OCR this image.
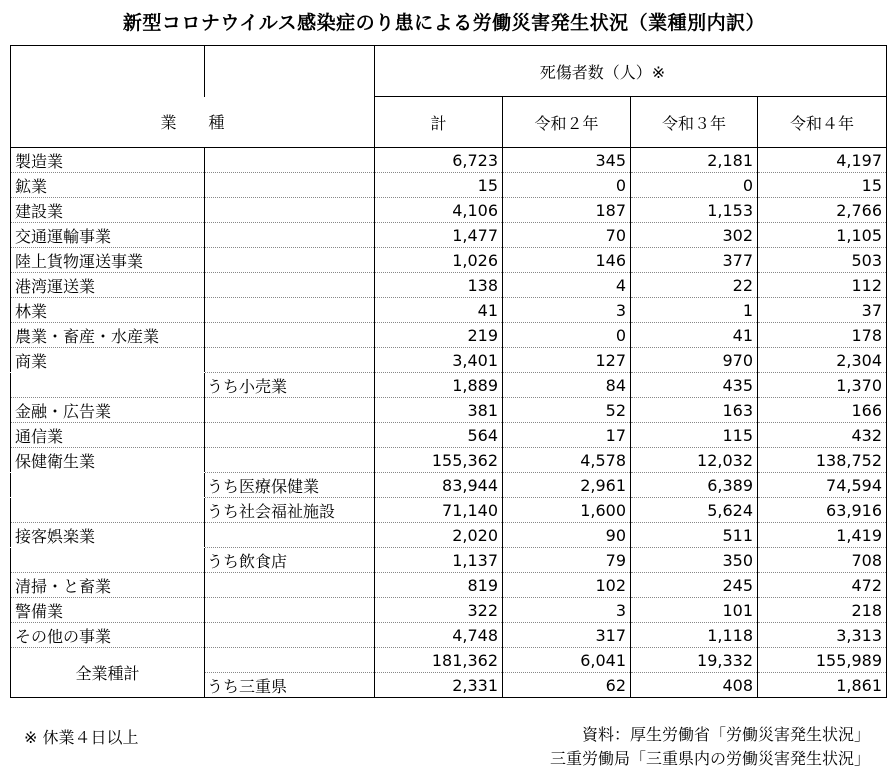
新型コロナウイルス感染症のり患による労働災害発生状況（業種別内訳）
		死傷者数（人）※			
業　　種		計	令和２年	令和３年	令和４年
製造業		6,723	345	2,181	4,197
鉱業		15	0	0	15
建設業		4,106	187	1,153	2,766
交通運輸事業		1,477	70	302	1,105
陸上貨物運送事業		1,026	146	377	503
港湾運送業		138	4	22	112
林業		41	3	1	37
農業・畜産・水産業		219	0	41	178
商業		3,401	127	970	2,304
	うち小売業	1,889	84	435	1,370
金融・広告業		381	52	163	166
通信業		564	17	115	432
保健衛生業		155,362	4,578	12,032	138,752
	うち医療保健業	83,944	2,961	6,389	74,594
	うち社会福祉施設	71,140	1,600	5,624	63,916
接客娯楽業		2,020	90	511	1,419
	うち飲食店	1,137	79	350	708
清掃・と畜業		819	102	245	472
警備業		322	3	101	218
その他の事業		4,748	317	1,118	3,313
全業種計		181,362	6,041	19,332	155,989
	うち三重県	2,331	62	408	1,861
※ 休業４日以上	資料：厚生労働省「労働災害発生状況」
三重労働局「三重県内の労働災害発生状況」
